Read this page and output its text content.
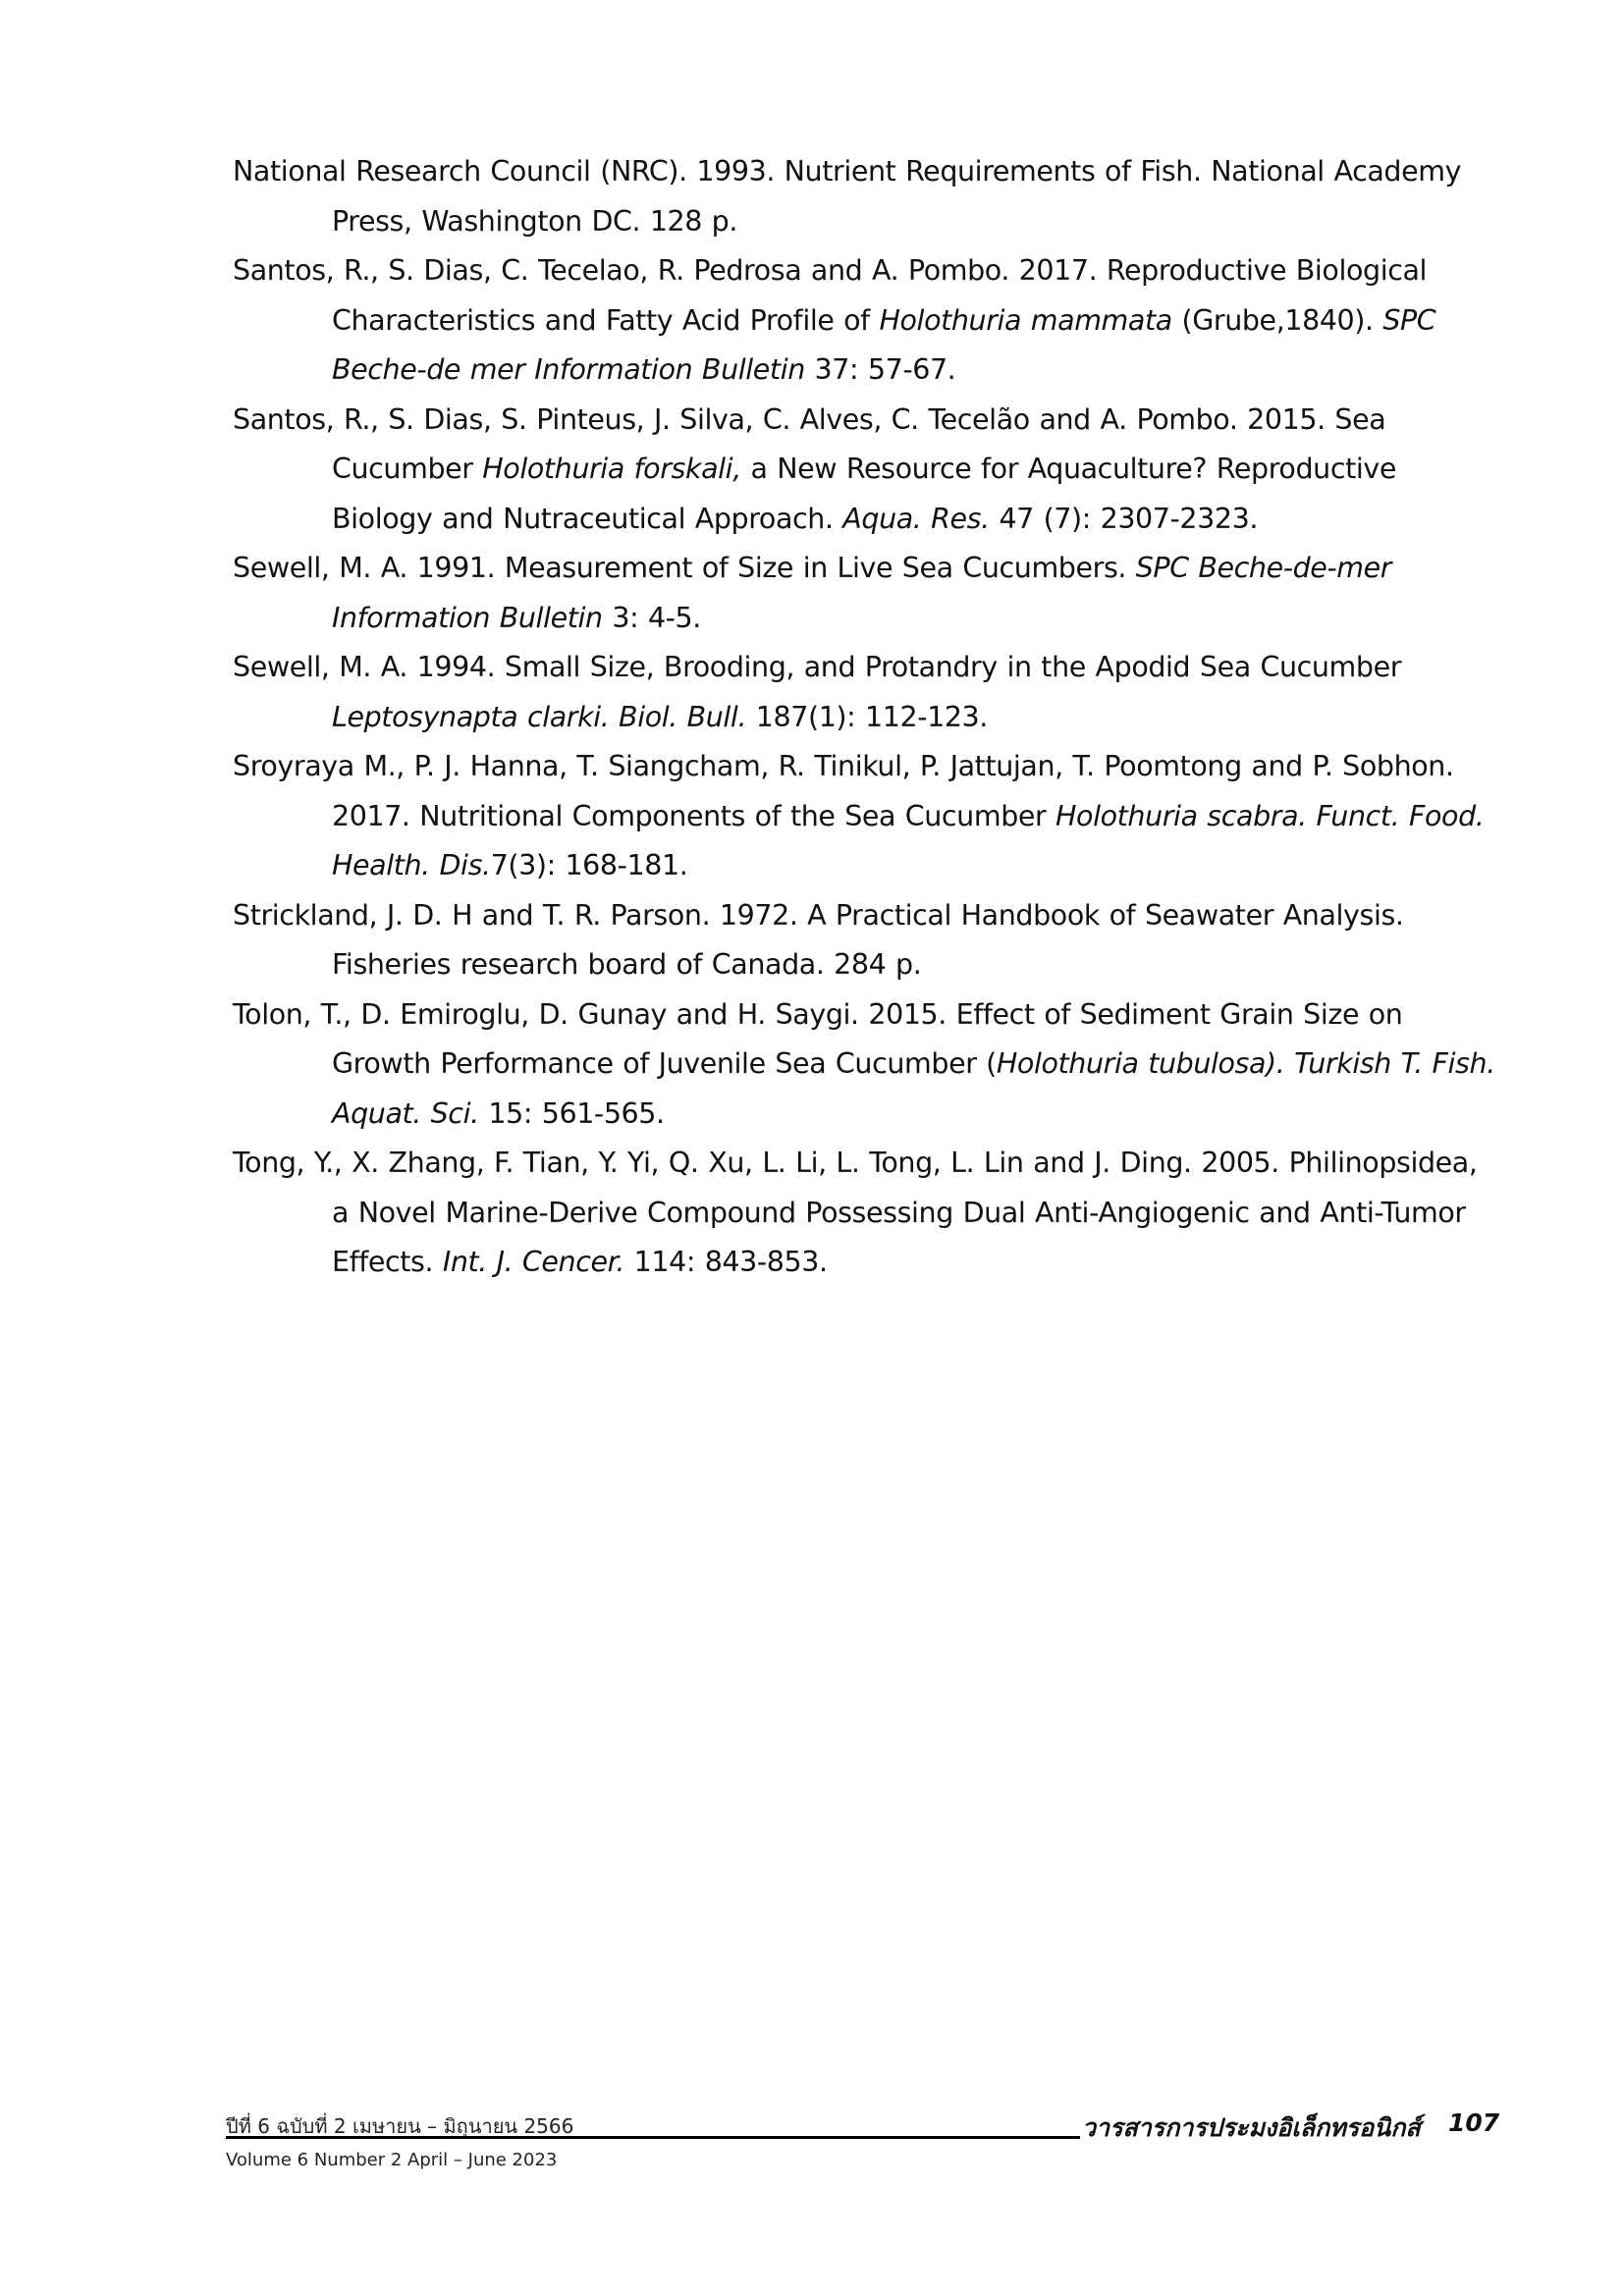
National Research Council (NRC). 1993. Nutrient Requirements of Fish. National Academy Press, Washington DC. 128 p.

Santos, R., S. Dias, C. Tecelao, R. Pedrosa and A. Pombo. 2017. Reproductive Biological Characteristics and Fatty Acid Profile of Holothuria mammata (Grube,1840). SPC Beche-de mer Information Bulletin 37: 57-67.

Santos, R., S. Dias, S. Pinteus, J. Silva, C. Alves, C. Tecelão and A. Pombo. 2015. Sea Cucumber Holothuria forskali, a New Resource for Aquaculture? Reproductive Biology and Nutraceutical Approach. Aqua. Res. 47 (7): 2307-2323.

Sewell, M. A. 1991. Measurement of Size in Live Sea Cucumbers. SPC Beche-de-mer Information Bulletin 3: 4-5.

Sewell, M. A. 1994. Small Size, Brooding, and Protandry in the Apodid Sea Cucumber Leptosynapta clarki. Biol. Bull. 187(1): 112-123.

Sroyraya M., P. J. Hanna, T. Siangcham, R. Tinikul, P. Jattujan, T. Poomtong and P. Sobhon. 2017. Nutritional Components of the Sea Cucumber Holothuria scabra. Funct. Food. Health. Dis.7(3): 168-181.

Strickland, J. D. H and T. R. Parson. 1972. A Practical Handbook of Seawater Analysis. Fisheries research board of Canada. 284 p.

Tolon, T., D. Emiroglu, D. Gunay and H. Saygi. 2015. Effect of Sediment Grain Size on Growth Performance of Juvenile Sea Cucumber (Holothuria tubulosa). Turkish T. Fish. Aquat. Sci. 15: 561-565.

Tong, Y., X. Zhang, F. Tian, Y. Yi, Q. Xu, L. Li, L. Tong, L. Lin and J. Ding. 2005. Philinopsidea, a Novel Marine-Derive Compound Possessing Dual Anti-Angiogenic and Anti-Tumor Effects. Int. J. Cencer. 114: 843-853.

ปีที่ 6 ฉบับที่ 2 เมษายน – มิถุนายน 2566
Volume 6 Number 2 April – June 2023
วารสารการประมงอิเล็กทรอนิกส์ 107
